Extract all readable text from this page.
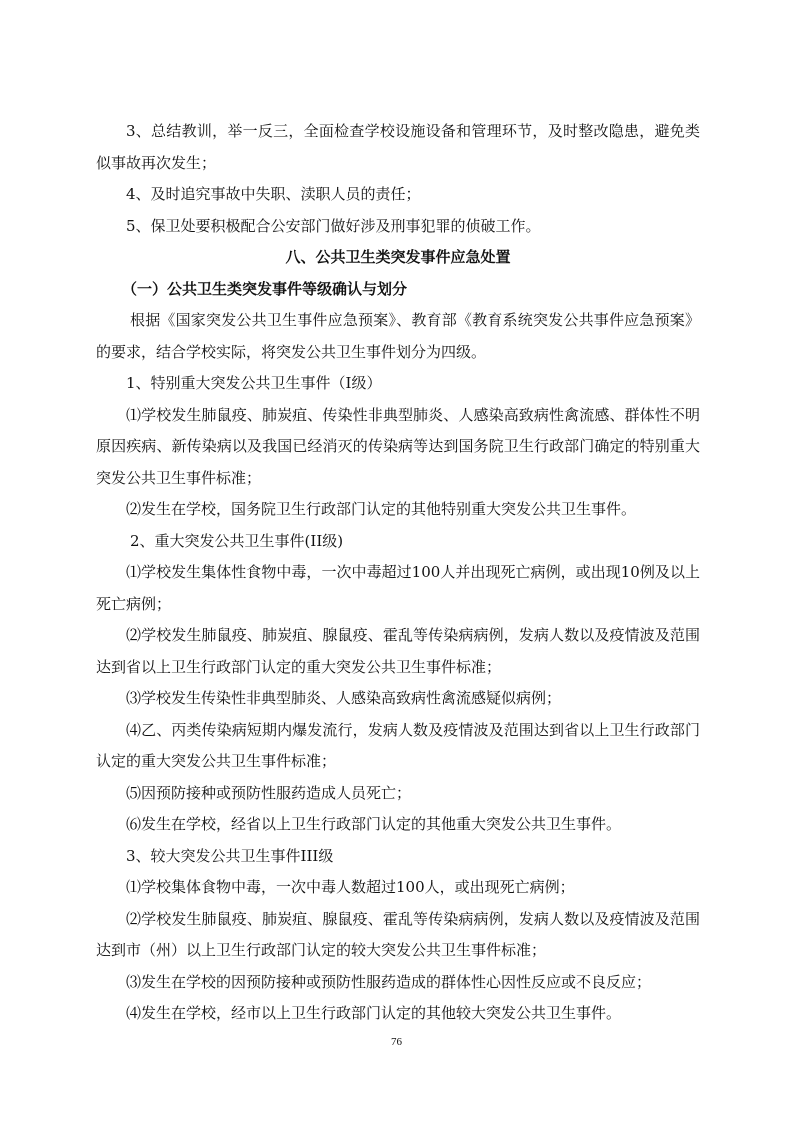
3、总结教训，举一反三，全面检查学校设施设备和管理环节，及时整改隐患，避免类似事故再次发生；

4、及时追究事故中失职、渎职人员的责任；

5、保卫处要积极配合公安部门做好涉及刑事犯罪的侦破工作。

八、公共卫生类突发事件应急处置

（一）公共卫生类突发事件等级确认与划分

根据《国家突发公共卫生事件应急预案》、教育部《教育系统突发公共事件应急预案》的要求，结合学校实际，将突发公共卫生事件划分为四级。

1、特别重大突发公共卫生事件（I级）

⑴学校发生肺鼠疫、肺炭疽、传染性非典型肺炎、人感染高致病性禽流感、群体性不明原因疾病、新传染病以及我国已经消灭的传染病等达到国务院卫生行政部门确定的特别重大突发公共卫生事件标准；

⑵发生在学校，国务院卫生行政部门认定的其他特别重大突发公共卫生事件。

2、重大突发公共卫生事件(II级)

⑴学校发生集体性食物中毒，一次中毒超过100人并出现死亡病例，或出现10例及以上死亡病例；

⑵学校发生肺鼠疫、肺炭疽、腺鼠疫、霍乱等传染病病例，发病人数以及疫情波及范围达到省以上卫生行政部门认定的重大突发公共卫生事件标准；

⑶学校发生传染性非典型肺炎、人感染高致病性禽流感疑似病例；

⑷乙、丙类传染病短期内爆发流行，发病人数及疫情波及范围达到省以上卫生行政部门认定的重大突发公共卫生事件标准；

⑸因预防接种或预防性服药造成人员死亡；

⑹发生在学校，经省以上卫生行政部门认定的其他重大突发公共卫生事件。

3、较大突发公共卫生事件III级

⑴学校集体食物中毒，一次中毒人数超过100人，或出现死亡病例；

⑵学校发生肺鼠疫、肺炭疽、腺鼠疫、霍乱等传染病病例，发病人数以及疫情波及范围达到市（州）以上卫生行政部门认定的较大突发公共卫生事件标准；

⑶发生在学校的因预防接种或预防性服药造成的群体性心因性反应或不良反应；

⑷发生在学校，经市以上卫生行政部门认定的其他较大突发公共卫生事件。

76
